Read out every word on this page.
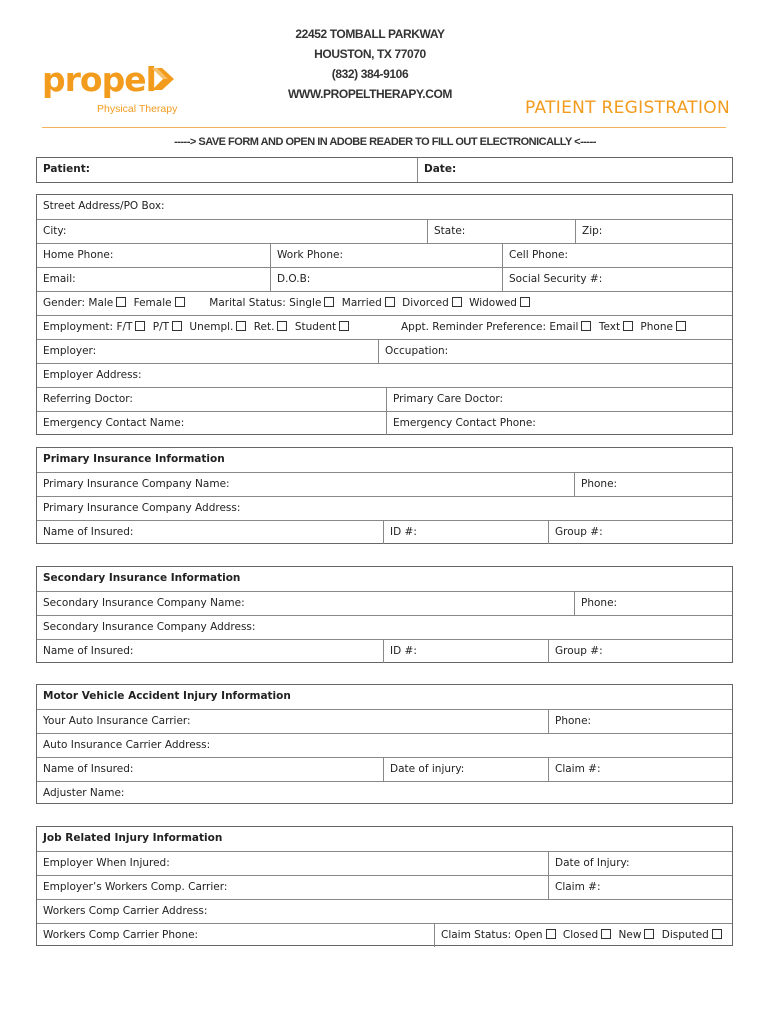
22452 TOMBALL PARKWAY
HOUSTON, TX 77070
(832) 384-9106
WWW.PROPELTHERAPY.COM
propel
Physical Therapy	PATIENT REGISTRATION
-----> SAVE FORM AND OPEN IN ADOBE READER TO FILL OUT ELECTRONICALLY <-----
Patient:	Date:
Street Address/PO Box:
City:	State:	Zip:
Home Phone:	Work Phone:	Cell Phone:
Email:	D.O.B:	Social Security #:
Gender: Male Female	Marital Status: Single Married Divorced Widowed
Employment: F/T P/T Unempl. Ret. Student	Appt. Reminder Preference: Email Text Phone
Employer:	Occupation:
Employer Address:
Referring Doctor:	Primary Care Doctor:
Emergency Contact Name:	Emergency Contact Phone:
Primary Insurance Information
Primary Insurance Company Name:	Phone:
Primary Insurance Company Address:
Name of Insured:	ID #:	Group #:
Secondary Insurance Information
Secondary Insurance Company Name:	Phone:
Secondary Insurance Company Address:
Name of Insured:	ID #:	Group #:
Motor Vehicle Accident Injury Information
Your Auto Insurance Carrier:	Phone:
Auto Insurance Carrier Address:
Name of Insured:	Date of injury:	Claim #:
Adjuster Name:
Job Related Injury Information
Employer When Injured:	Date of Injury:
Employer’s Workers Comp. Carrier:	Claim #:
Workers Comp Carrier Address:
Workers Comp Carrier Phone:	Claim Status: Open Closed New Disputed
